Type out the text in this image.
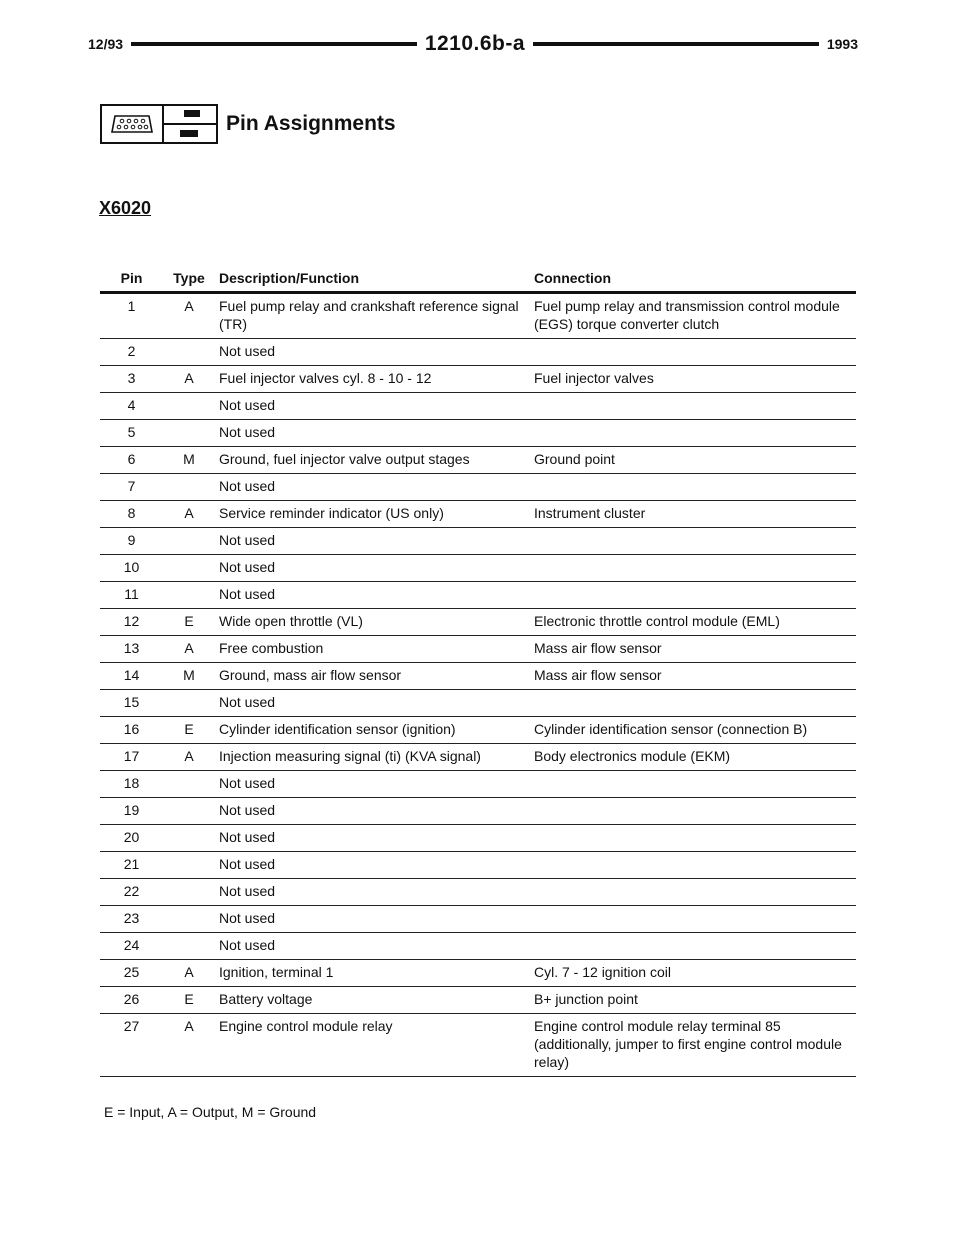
12/93	1210.6b-a	1993
Pin Assignments
X6020
Pin	Type	Description/Function	Connection
1	A	Fuel pump relay and crankshaft reference signal (TR)	Fuel pump relay and transmission control module (EGS) torque converter clutch
2		Not used	
3	A	Fuel injector valves cyl. 8 - 10 - 12	Fuel injector valves
4		Not used	
5		Not used	
6	M	Ground, fuel injector valve output stages	Ground point
7		Not used	
8	A	Service reminder indicator (US only)	Instrument cluster
9		Not used	
10		Not used	
11		Not used	
12	E	Wide open throttle (VL)	Electronic throttle control module (EML)
13	A	Free combustion	Mass air flow sensor
14	M	Ground, mass air flow sensor	Mass air flow sensor
15		Not used	
16	E	Cylinder identification sensor (ignition)	Cylinder identification sensor (connection B)
17	A	Injection measuring signal (ti) (KVA signal)	Body electronics module (EKM)
18		Not used	
19		Not used	
20		Not used	
21		Not used	
22		Not used	
23		Not used	
24		Not used	
25	A	Ignition, terminal 1	Cyl. 7 - 12 ignition coil
26	E	Battery voltage	B+ junction point
27	A	Engine control module relay	Engine control module relay terminal 85 (additionally, jumper to first engine control module relay)
E = Input, A = Output, M = Ground
